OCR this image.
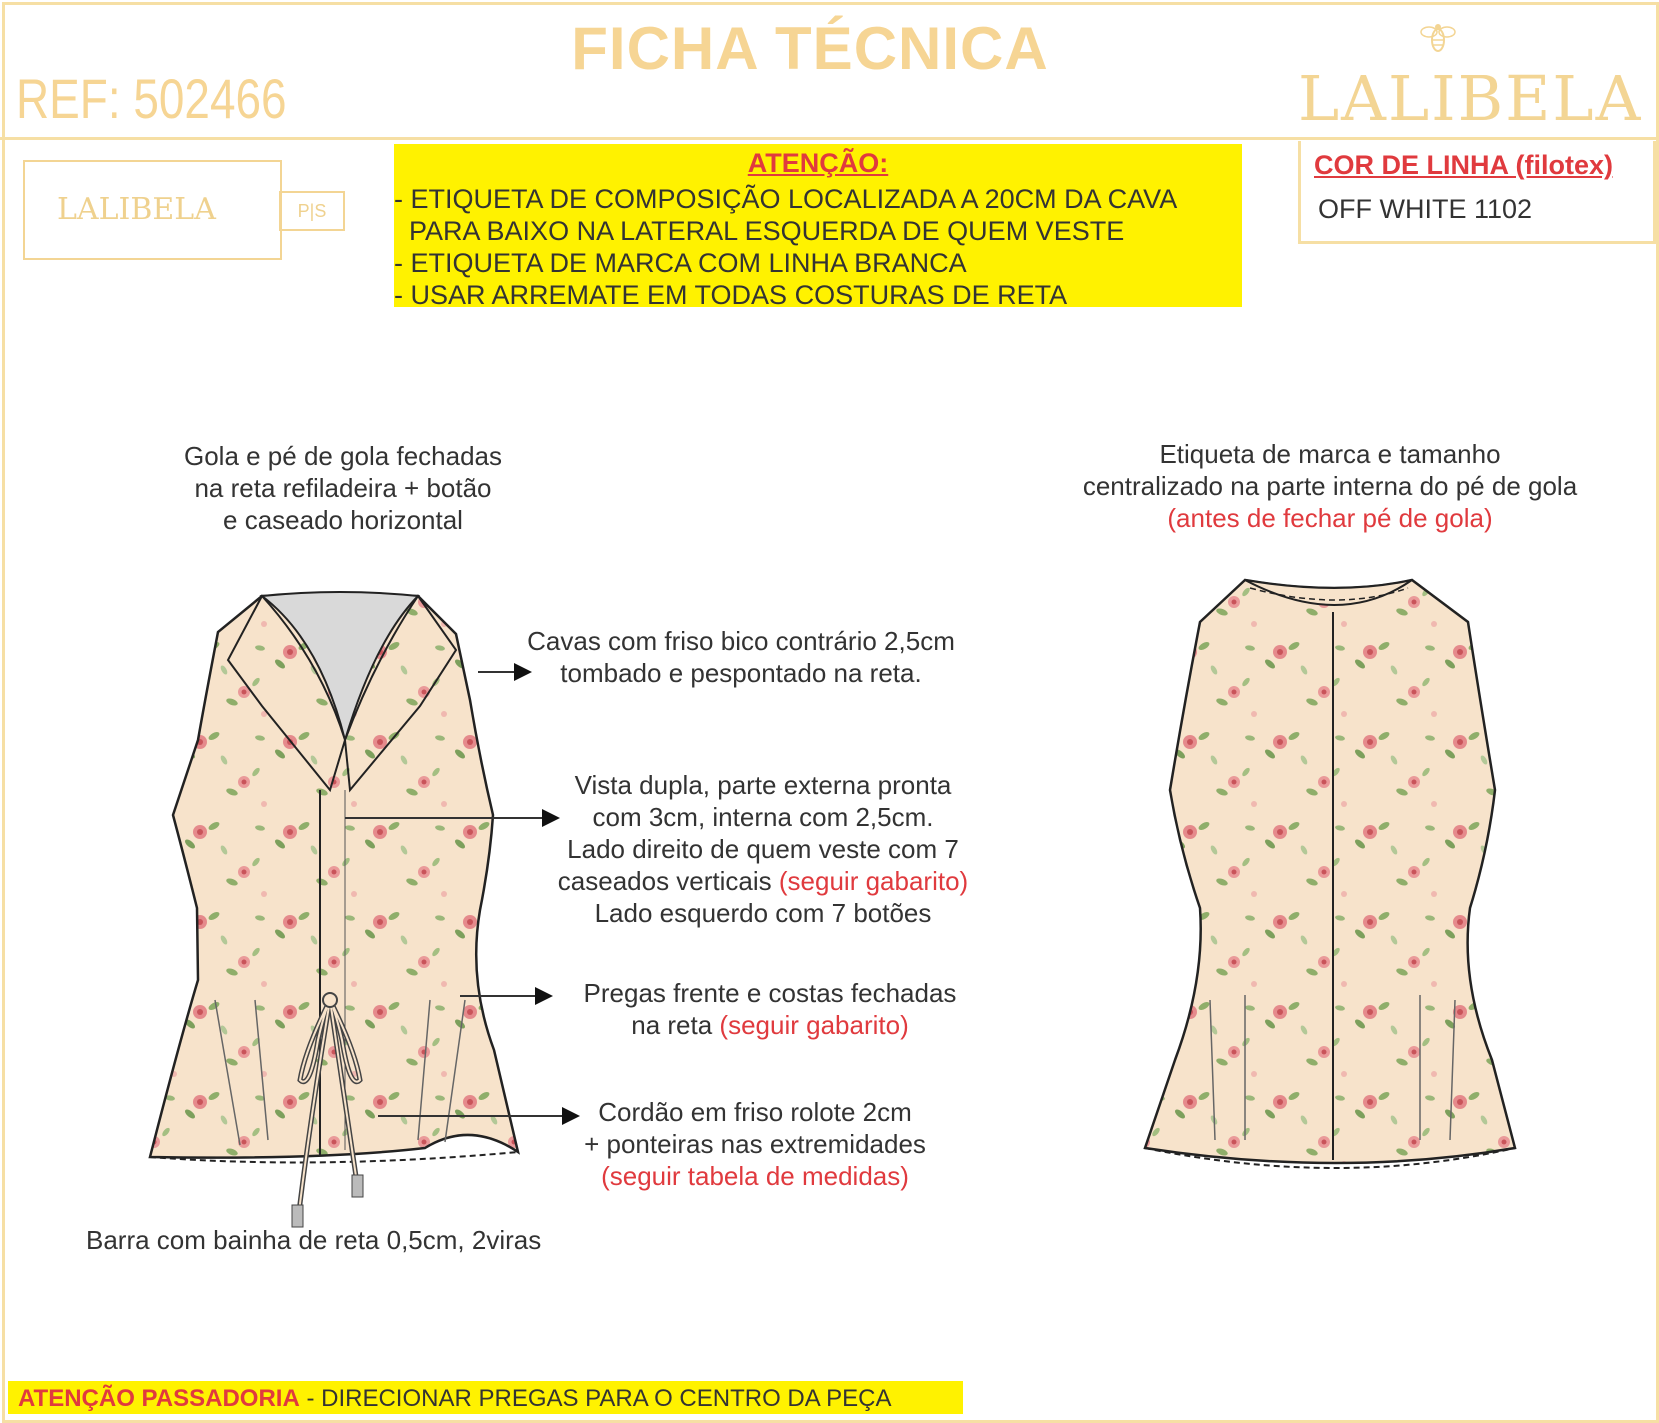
FICHA TÉCNICA
REF: 502466	LALIBELA
LALIBELA	P|S
ATENÇÃO:
- ETIQUETA DE COMPOSIÇÃO LOCALIZADA A 20CM DA CAVA
PARA BAIXO NA LATERAL ESQUERDA DE QUEM VESTE
- ETIQUETA DE MARCA COM LINHA BRANCA
- USAR ARREMATE EM TODAS COSTURAS DE RETA
COR DE LINHA (filotex)
OFF WHITE 1102
Gola e pé de gola fechadas
na reta refiladeira + botão
e caseado horizontal
Etiqueta de marca e tamanho
centralizado na parte interna do pé de gola
(antes de fechar pé de gola)
Cavas com friso bico contrário 2,5cm
tombado e pespontado na reta.
Vista dupla, parte externa pronta
com 3cm, interna com 2,5cm.
Lado direito de quem veste com 7
caseados verticais (seguir gabarito)
Lado esquerdo com 7 botões
Pregas frente e costas fechadas
na reta (seguir gabarito)
Cordão em friso rolote 2cm
+ ponteiras nas extremidades
(seguir tabela de medidas)
Barra com bainha de reta 0,5cm, 2viras
ATENÇÃO PASSADORIA - DIRECIONAR PREGAS PARA O CENTRO DA PEÇA
